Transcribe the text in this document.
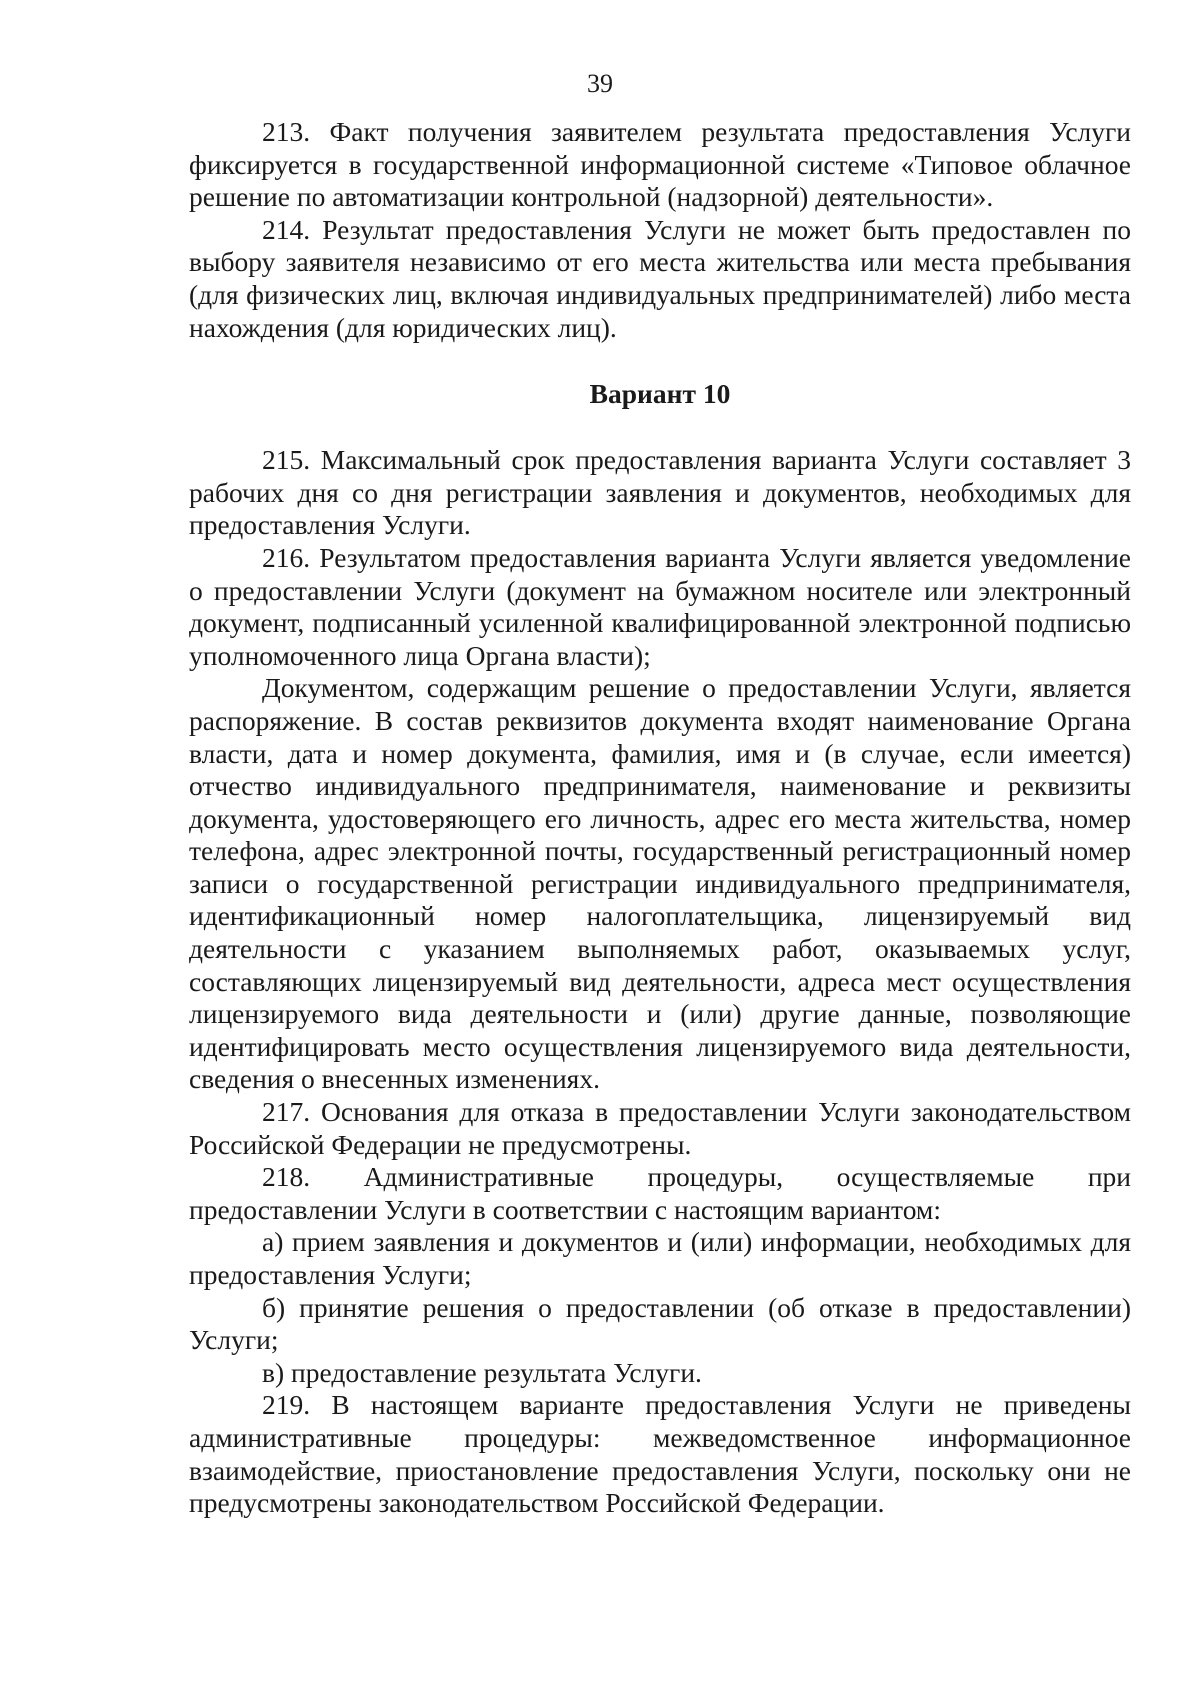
39

213. Факт получения заявителем результата предоставления Услуги фиксируется в государственной информационной системе «Типовое облачное решение по автоматизации контрольной (надзорной) деятельности».

214. Результат предоставления Услуги не может быть предоставлен по выбору заявителя независимо от его места жительства или места пребывания (для физических лиц, включая индивидуальных предпринимателей) либо места нахождения (для юридических лиц).

Вариант 10

215. Максимальный срок предоставления варианта Услуги составляет 3 рабочих дня со дня регистрации заявления и документов, необходимых для предоставления Услуги.

216. Результатом предоставления варианта Услуги является уведомление о предоставлении Услуги (документ на бумажном носителе или электронный документ, подписанный усиленной квалифицированной электронной подписью уполномоченного лица Органа власти);

Документом, содержащим решение о предоставлении Услуги, является распоряжение. В состав реквизитов документа входят наименование Органа власти, дата и номер документа, фамилия, имя и (в случае, если имеется) отчество индивидуального предпринимателя, наименование и реквизиты документа, удостоверяющего его личность, адрес его места жительства, номер телефона, адрес электронной почты, государственный регистрационный номер записи о государственной регистрации индивидуального предпринимателя, идентификационный номер налогоплательщика, лицензируемый вид деятельности с указанием выполняемых работ, оказываемых услуг, составляющих лицензируемый вид деятельности, адреса мест осуществления лицензируемого вида деятельности и (или) другие данные, позволяющие идентифицировать место осуществления лицензируемого вида деятельности, сведения о внесенных изменениях.

217. Основания для отказа в предоставлении Услуги законодательством Российской Федерации не предусмотрены.

218. Административные процедуры, осуществляемые при предоставлении Услуги в соответствии с настоящим вариантом:

а) прием заявления и документов и (или) информации, необходимых для предоставления Услуги;

б) принятие решения о предоставлении (об отказе в предоставлении) Услуги;

в) предоставление результата Услуги.

219. В настоящем варианте предоставления Услуги не приведены административные процедуры: межведомственное информационное взаимодействие, приостановление предоставления Услуги, поскольку они не предусмотрены законодательством Российской Федерации.
